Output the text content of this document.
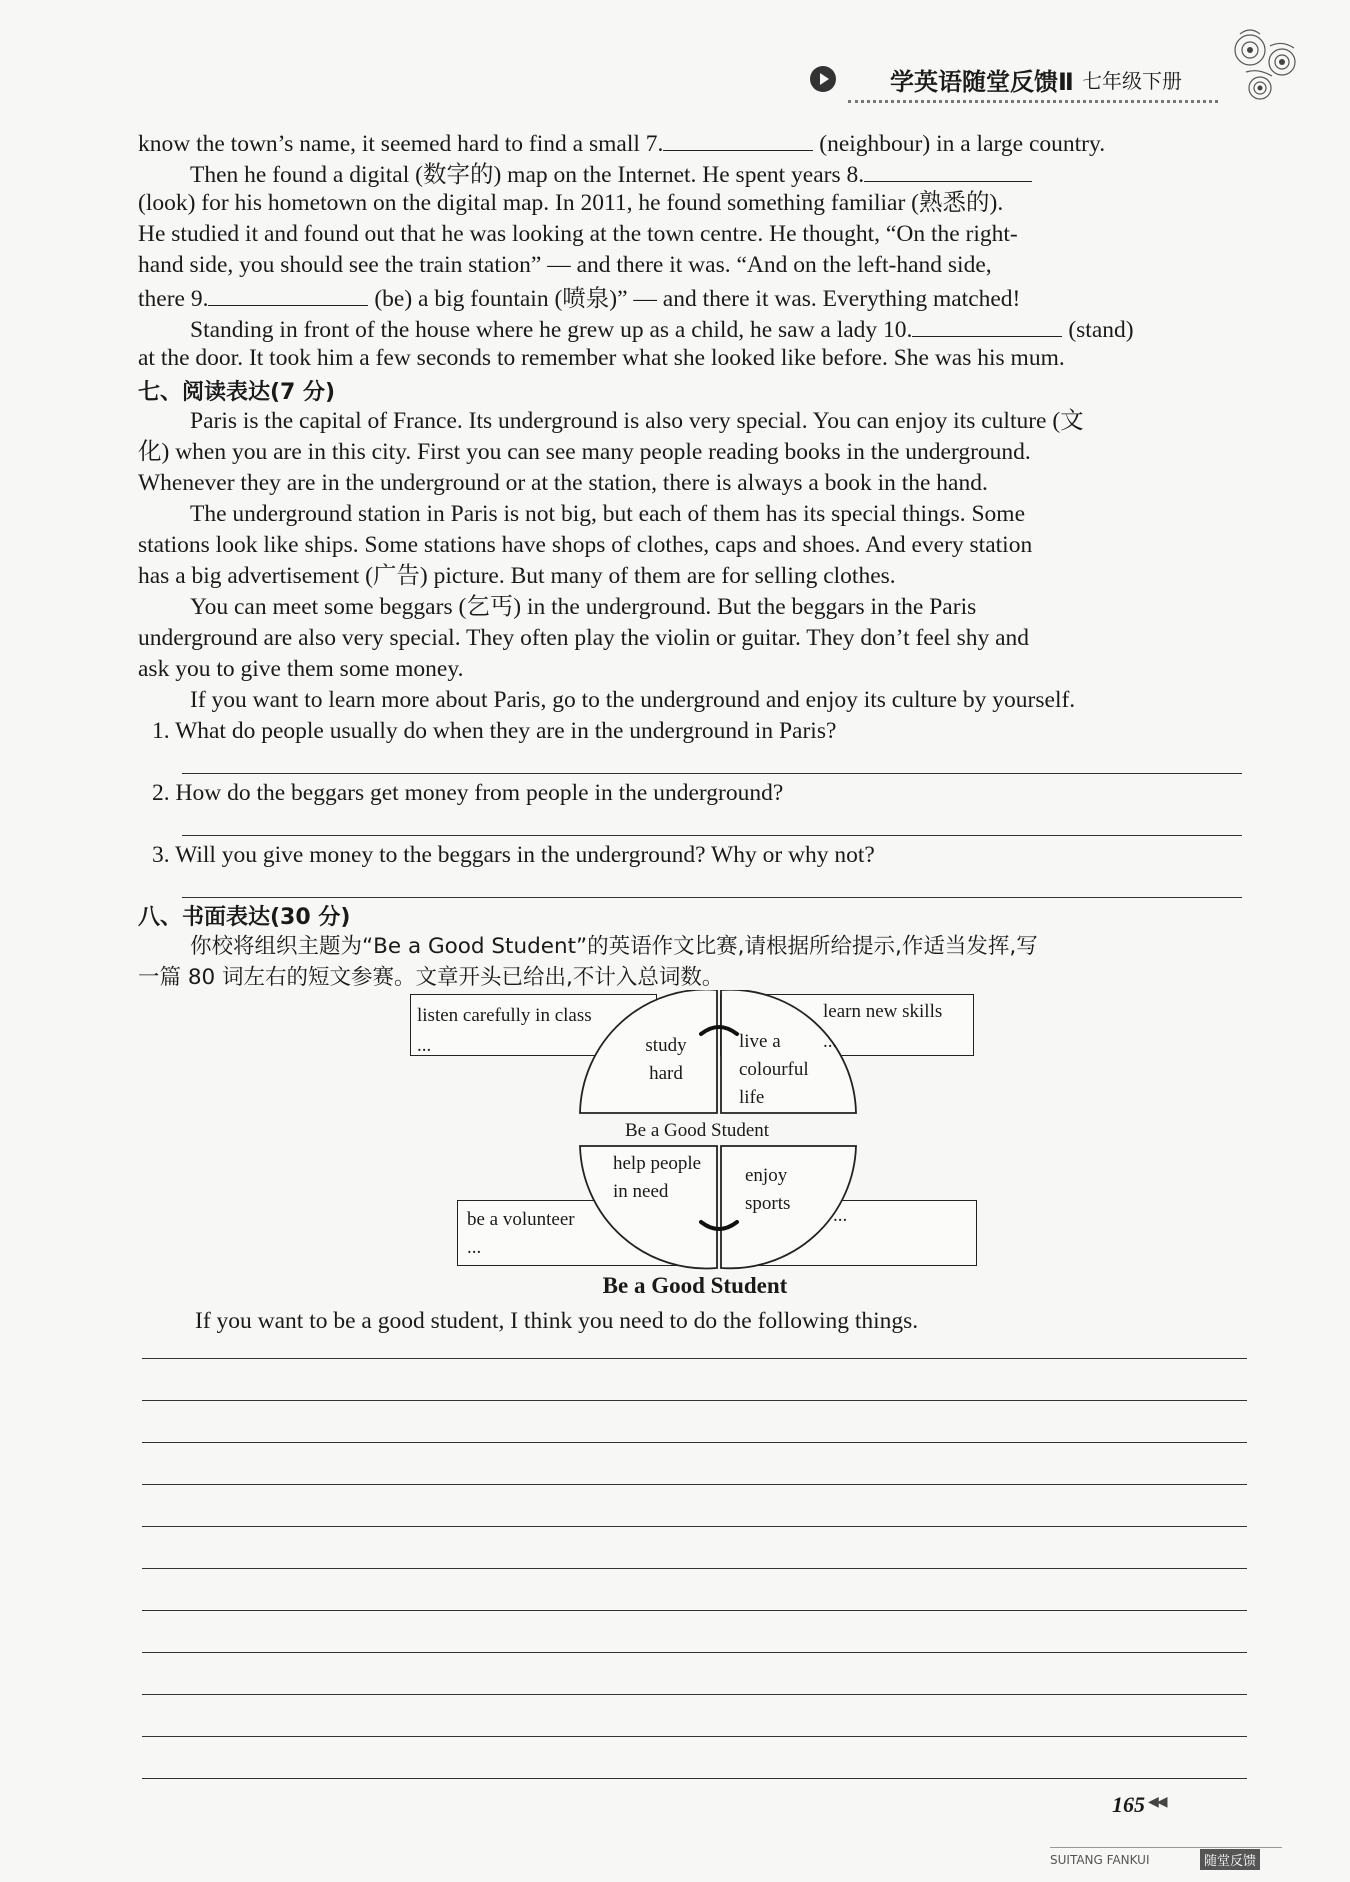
学英语随堂反馈Ⅱ 七年级下册
know the town’s name, it seemed hard to find a small 7.	(neighbour) in a large country.
Then he found a digital (数字的) map on the Internet. He spent years 8.
(look) for his hometown on the digital map. In 2011, he found something familiar (熟悉的).
He studied it and found out that he was looking at the town centre. He thought, “On the right-
hand side, you should see the train station” — and there it was. “And on the left-hand side,
there 9.	(be) a big fountain (喷泉)” — and there it was. Everything matched!
Standing in front of the house where he grew up as a child, he saw a lady 10.	(stand)
at the door. It took him a few seconds to remember what she looked like before. She was his mum.
七、阅读表达(7 分)
Paris is the capital of France. Its underground is also very special. You can enjoy its culture (文
化) when you are in this city. First you can see many people reading books in the underground.
Whenever they are in the underground or at the station, there is always a book in the hand.
The underground station in Paris is not big, but each of them has its special things. Some
stations look like ships. Some stations have shops of clothes, caps and shoes. And every station
has a big advertisement (广告) picture. But many of them are for selling clothes.
You can meet some beggars (乞丐) in the underground. But the beggars in the Paris
underground are also very special. They often play the violin or guitar. They don’t feel shy and
ask you to give them some money.
If you want to learn more about Paris, go to the underground and enjoy its culture by yourself.
1. What do people usually do when they are in the underground in Paris?
2. How do the beggars get money from people in the underground?
3. Will you give money to the beggars in the underground? Why or why not?
八、书面表达(30 分)
你校将组织主题为“Be a Good Student”的英语作文比赛,请根据所给提示,作适当发挥,写
一篇 80 词左右的短文参赛。文章开头已给出,不计入总词数。
listen carefully in class
...	study hard
learn new skills
...
live a colourful life
Be a Good Student
help people in need
be a volunteer
...
enjoy sports
...
Be a Good Student
If you want to be a good student, I think you need to do the following things.
165 ◀◀
SUITANG FANKUI	随堂反馈
